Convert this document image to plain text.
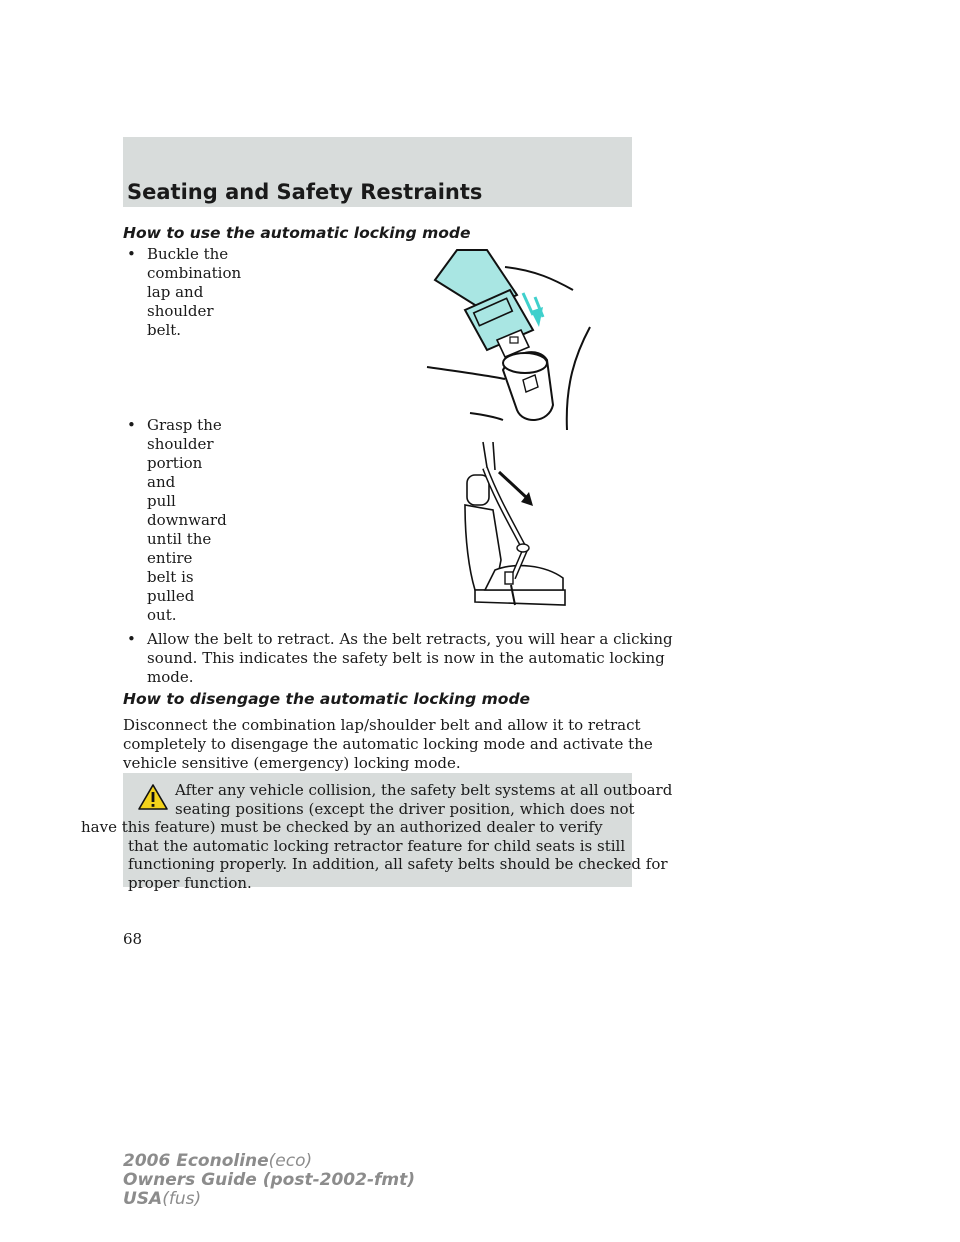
Seating and Safety Restraints
How to use the automatic locking mode
• Buckle the combination lap and
shoulder belt.
• Grasp the shoulder portion and
pull downward until the entire
belt is pulled out.
• Allow the belt to retract. As the belt retracts, you will hear a clicking
sound. This indicates the safety belt is now in the automatic locking
mode.
How to disengage the automatic locking mode
Disconnect the combination lap/shoulder belt and allow it to retract
completely to disengage the automatic locking mode and activate the
vehicle sensitive (emergency) locking mode.
After any vehicle collision, the safety belt systems at all outboard
seating positions (except the driver position, which does not
have this feature) must be checked by an authorized dealer to verify
that the automatic locking retractor feature for child seats is still
functioning properly. In addition, all safety belts should be checked for
proper function.
68
2006 Econoline(eco)
Owners Guide (post-2002-fmt)
USA(fus)
